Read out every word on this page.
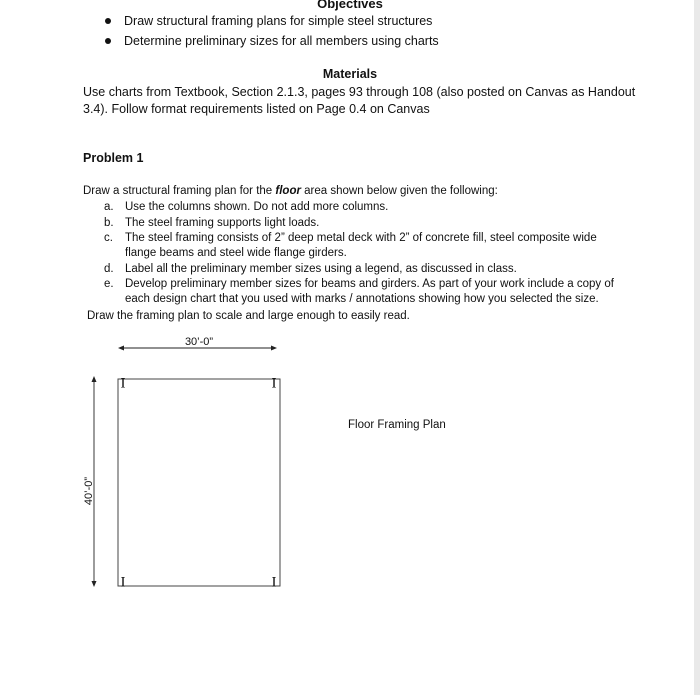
Objectives
Draw structural framing plans for simple steel structures
Determine preliminary sizes for all members using charts
Materials
Use charts from Textbook, Section 2.1.3, pages 93 through 108 (also posted on Canvas as Handout
3.4). Follow format requirements listed on Page 0.4 on Canvas
Problem 1
Draw a structural framing plan for the floor area shown below given the following:
a. Use the columns shown. Do not add more columns.
b. The steel framing supports light loads.
c. The steel framing consists of 2” deep metal deck with 2” of concrete fill, steel composite wide
flange beams and steel wide flange girders.
d. Label all the preliminary member sizes using a legend, as discussed in class.
e. Develop preliminary member sizes for beams and girders. As part of your work include a copy of
each design chart that you used with marks / annotations showing how you selected the size.
Draw the framing plan to scale and large enough to easily read.
30’-0”
40’-0”
I	I
I	I
Floor Framing Plan
